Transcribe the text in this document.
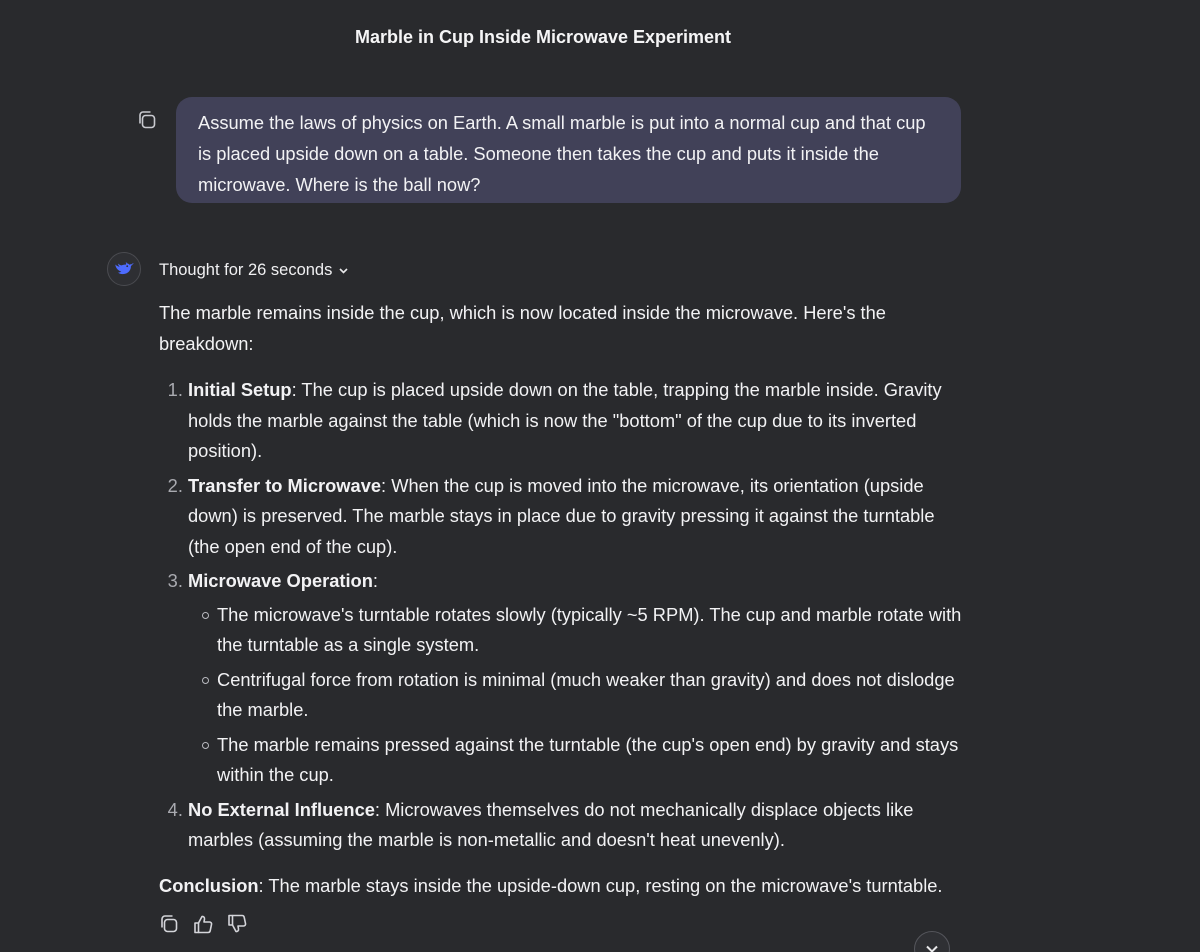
Marble in Cup Inside Microwave Experiment
Assume the laws of physics on Earth. A small marble is put into a normal cup and that cup is placed upside down on a table. Someone then takes the cup and puts it inside the microwave. Where is the ball now?
Thought for 26 seconds

The marble remains inside the cup, which is now located inside the microwave. Here's the breakdown:

1. Initial Setup: The cup is placed upside down on the table, trapping the marble inside. Gravity holds the marble against the table (which is now the "bottom" of the cup due to its inverted position).
2. Transfer to Microwave: When the cup is moved into the microwave, its orientation (upside down) is preserved. The marble stays in place due to gravity pressing it against the turntable (the open end of the cup).
3. Microwave Operation:
The microwave's turntable rotates slowly (typically ~5 RPM). The cup and marble rotate with the turntable as a single system.
Centrifugal force from rotation is minimal (much weaker than gravity) and does not dislodge the marble.
The marble remains pressed against the turntable (the cup's open end) by gravity and stays within the cup.
4. No External Influence: Microwaves themselves do not mechanically displace objects like marbles (assuming the marble is non-metallic and doesn't heat unevenly).

Conclusion: The marble stays inside the upside-down cup, resting on the microwave's turntable.
